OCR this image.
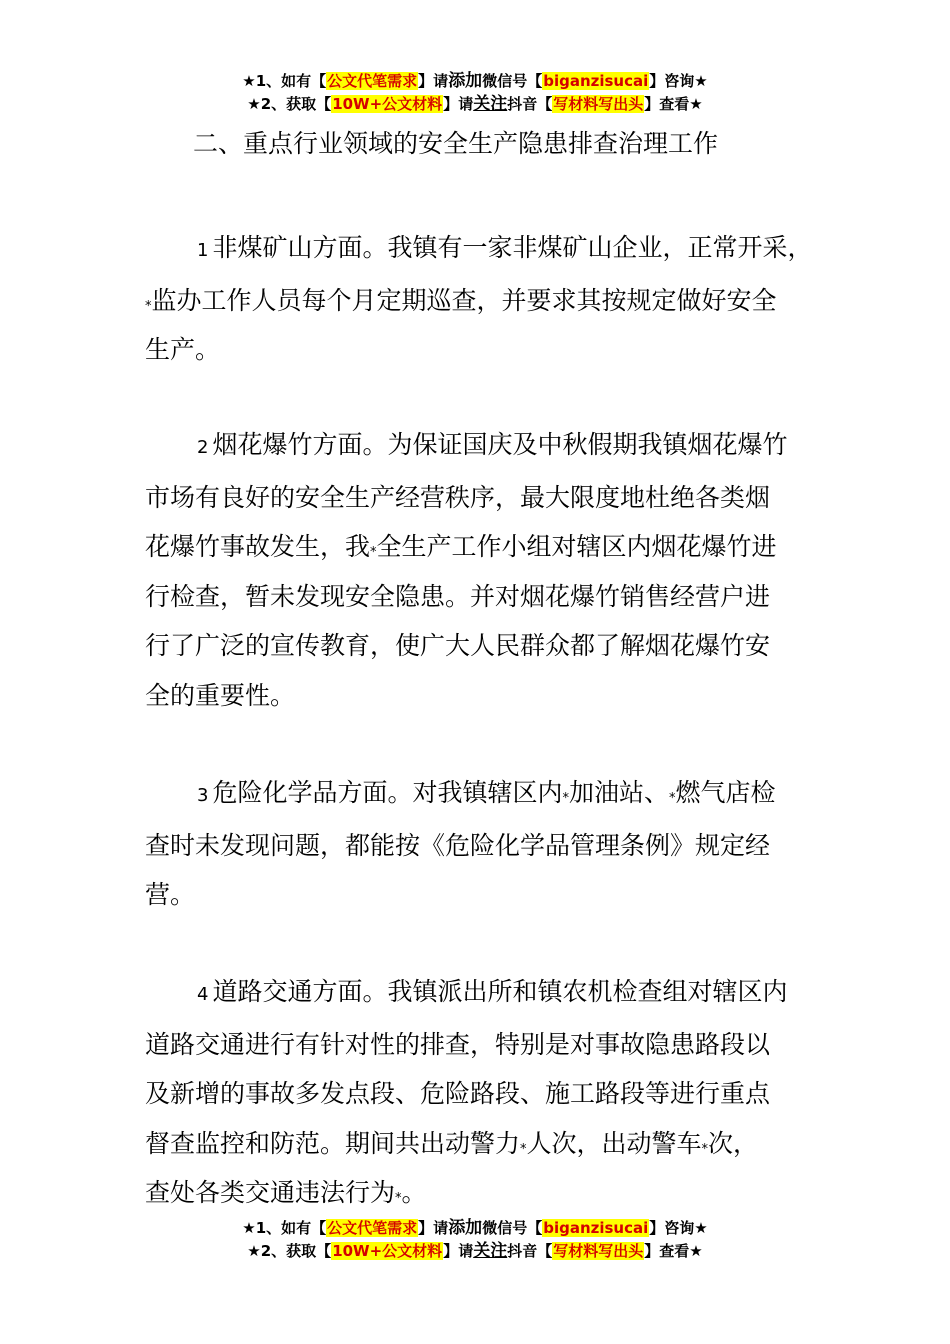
★1、如有【公文代笔需求】请添加微信号【biganzisucai】咨询★
★2、获取【10W+公文材料】请关注抖音【写材料写出头】查看★
二、重点行业领域的安全生产隐患排查治理工作
1 非煤矿山方面。我镇有一家非煤矿山企业，正常开采，
*监办工作人员每个月定期巡查，并要求其按规定做好安全
生产。
2 烟花爆竹方面。为保证国庆及中秋假期我镇烟花爆竹
市场有良好的安全生产经营秩序，最大限度地杜绝各类烟
花爆竹事故发生，我*全生产工作小组对辖区内烟花爆竹进
行检查，暂未发现安全隐患。并对烟花爆竹销售经营户进
行了广泛的宣传教育，使广大人民群众都了解烟花爆竹安
全的重要性。
3 危险化学品方面。对我镇辖区内*加油站、*燃气店检
查时未发现问题，都能按《危险化学品管理条例》规定经
营。
4 道路交通方面。我镇派出所和镇农机检查组对辖区内
道路交通进行有针对性的排查，特别是对事故隐患路段以
及新增的事故多发点段、危险路段、施工路段等进行重点
督查监控和防范。期间共出动警力*人次，出动警车*次，
查处各类交通违法行为*。
★1、如有【公文代笔需求】请添加微信号【biganzisucai】咨询★
★2、获取【10W+公文材料】请关注抖音【写材料写出头】查看★
